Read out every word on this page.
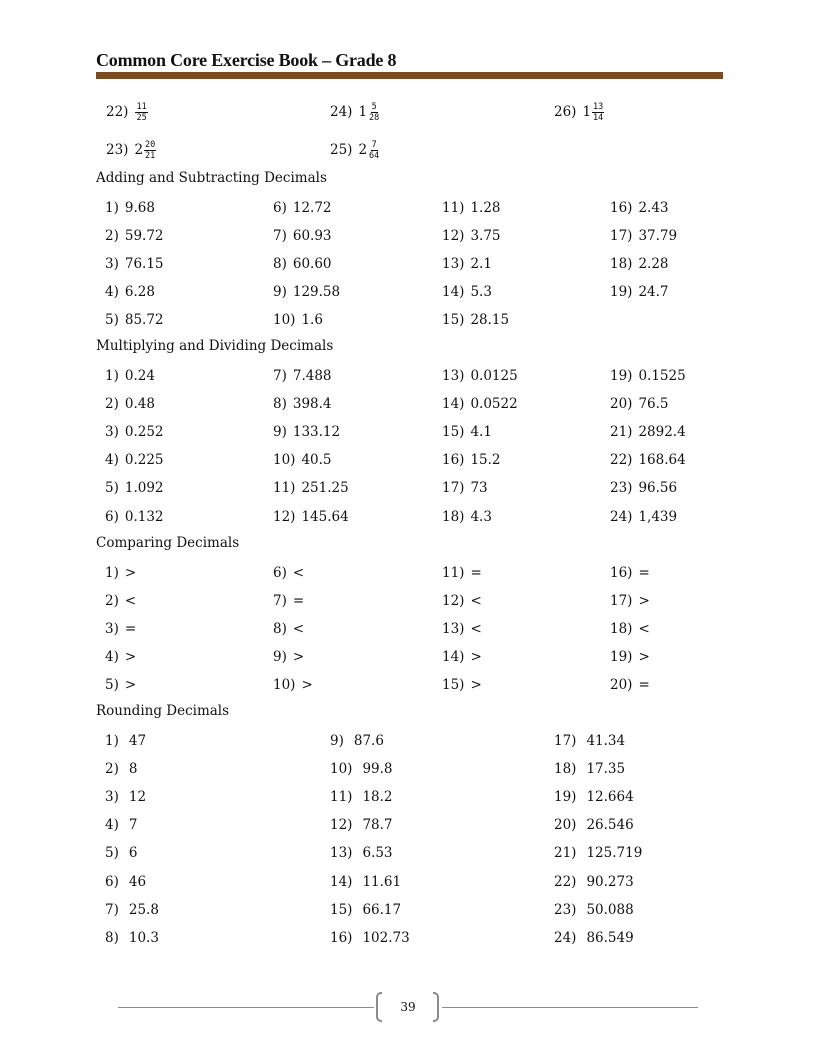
Common Core Exercise Book – Grade 8
$22) \frac{11}{25}$	24) $1 \frac{5}{28}$	26) $1 \frac{13}{14}$
23) $2 \frac{20}{21}$	25) $2 \frac{7}{64}$
Adding and Subtracting Decimals
1) 9.68
2) 59.72
3) 76.15
4) 6.28
5) 85.72
6) 12.72
7) 60.93
8) 60.60
9) 129.58
10) 1.6
11) 1.28
12) 3.75
13) 2.1
14) 5.3
15) 28.15
16) 2.43
17) 37.79
18) 2.28
19) 24.7
Multiplying and Dividing Decimals
1) 0.24
2) 0.48
3) 0.252
4) 0.225
5) 1.092
6) 0.132
7) 7.488
8) 398.4
9) 133.12
10) 40.5
11) 251.25
12) 145.64
13) 0.0125
14) 0.0522
15) 4.1
16) 15.2
17) 73
18) 4.3
19) 0.1525
20) 76.5
21) 2892.4
22) 168.64
23) 96.56
24) 1,439
Comparing Decimals
1) >
2) <
3) =
4) >
5) >
6) <
7) =
8) <
9) >
10) >
11) =
12) <
13) <
14) >
15) >
16) =
17) >
18) <
19) >
20) =
Rounding Decimals
1) 47
2) 8
3) 12
4) 7
5) 6
6) 46
7) 25.8
8) 10.3
9) 87.6
10) 99.8
11) 18.2
12) 78.7
13) 6.53
14) 11.61
15) 66.17
16) 102.73
17) 41.34
18) 17.35
19) 12.664
20) 26.546
21) 125.719
22) 90.273
23) 50.088
24) 86.549
39
